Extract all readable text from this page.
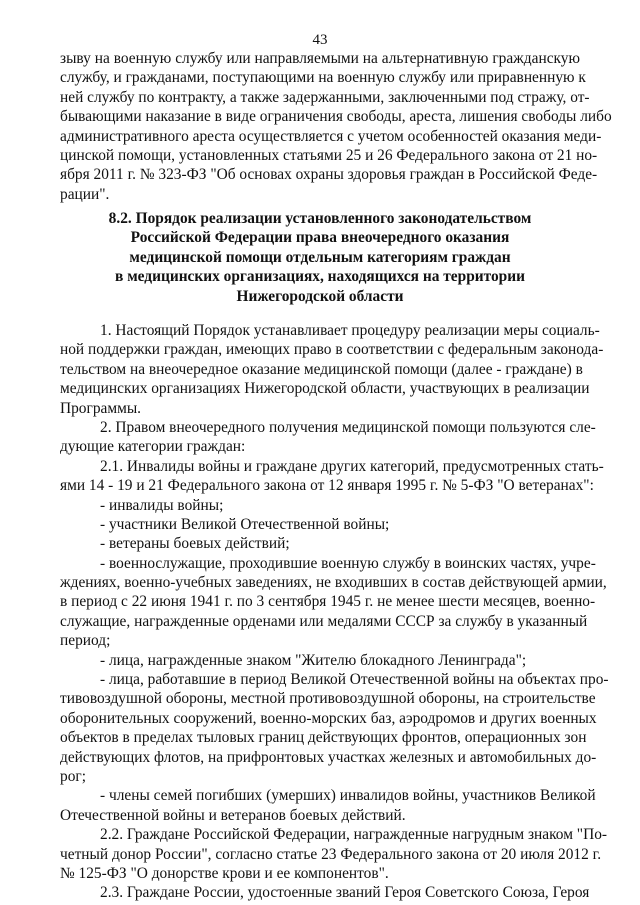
43
зыву на военную службу или направляемыми на альтернативную гражданскую
службу, и гражданами, поступающими на военную службу или приравненную к
ней службу по контракту, а также задержанными, заключенными под стражу, от-
бывающими наказание в виде ограничения свободы, ареста, лишения свободы либо
административного ареста осуществляется с учетом особенностей оказания меди-
цинской помощи, установленных статьями 25 и 26 Федерального закона от 21 но-
ября 2011 г. № 323-ФЗ "Об основах охраны здоровья граждан в Российской Феде-
рации".
8.2. Порядок реализации установленного законодательством
Российской Федерации права внеочередного оказания
медицинской помощи отдельным категориям граждан
в медицинских организациях, находящихся на территории
Нижегородской области
1. Настоящий Порядок устанавливает процедуру реализации меры социаль-
ной поддержки граждан, имеющих право в соответствии с федеральным законода-
тельством на внеочередное оказание медицинской помощи (далее - граждане) в
медицинских организациях Нижегородской области, участвующих в реализации
Программы.
2. Правом внеочередного получения медицинской помощи пользуются сле-
дующие категории граждан:
2.1. Инвалиды войны и граждане других категорий, предусмотренных стать-
ями 14 - 19 и 21 Федерального закона от 12 января 1995 г. № 5-ФЗ "О ветеранах":
- инвалиды войны;
- участники Великой Отечественной войны;
- ветераны боевых действий;
- военнослужащие, проходившие военную службу в воинских частях, учре-
ждениях, военно-учебных заведениях, не входивших в состав действующей армии,
в период с 22 июня 1941 г. по 3 сентября 1945 г. не менее шести месяцев, военно-
служащие, награжденные орденами или медалями СССР за службу в указанный
период;
- лица, награжденные знаком "Жителю блокадного Ленинграда";
- лица, работавшие в период Великой Отечественной войны на объектах про-
тивовоздушной обороны, местной противовоздушной обороны, на строительстве
оборонительных сооружений, военно-морских баз, аэродромов и других военных
объектов в пределах тыловых границ действующих фронтов, операционных зон
действующих флотов, на прифронтовых участках железных и автомобильных до-
рог;
- члены семей погибших (умерших) инвалидов войны, участников Великой
Отечественной войны и ветеранов боевых действий.
2.2. Граждане Российской Федерации, награжденные нагрудным знаком "По-
четный донор России", согласно статье 23 Федерального закона от 20 июля 2012 г.
№ 125-ФЗ "О донорстве крови и ее компонентов".
2.3. Граждане России, удостоенные званий Героя Советского Союза, Героя
